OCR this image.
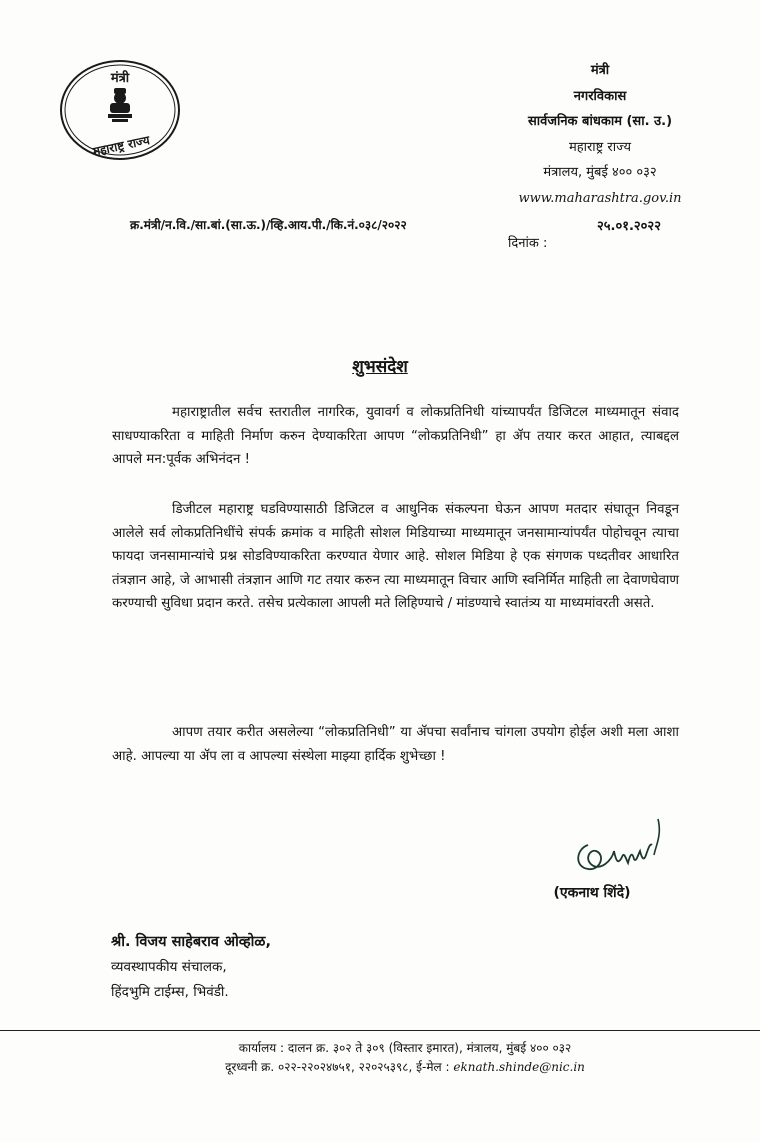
मंत्री
महाराष्ट्र राज्य
मंत्री
नगरविकास
सार्वजनिक बांधकाम (सा. उ.)
महाराष्ट्र राज्य
मंत्रालय, मुंबई ४०० ०३२
www.maharashtra.gov.in
क्र.मंत्री/न.वि./सा.बां.(सा.ऊ.)/व्हि.आय.पी./कि.नं.०३८/२०२२
दिनांक :
२५.०१.२०२२
शुभसंदेश
महाराष्ट्रातील सर्वच स्तरातील नागरिक, युवावर्ग व लोकप्रतिनिधी यांच्यापर्यंत डिजिटल माध्यमातून संवाद साधण्याकरिता व माहिती निर्माण करुन देण्याकरिता आपण “लोकप्रतिनिधी” हा ॲप तयार करत आहात, त्याबद्दल आपले मन:पूर्वक अभिनंदन !
डिजीटल महाराष्ट्र घडविण्यासाठी डिजिटल व आधुनिक संकल्पना घेऊन आपण मतदार संघातून निवडून आलेले सर्व लोकप्रतिनिधींचे संपर्क क्रमांक व माहिती सोशल मिडियाच्या माध्यमातून जनसामान्यांपर्यंत पोहोचवून त्याचा फायदा जनसामान्यांचे प्रश्न सोडविण्याकरिता करण्यात येणार आहे. सोशल मिडिया हे एक संगणक पध्दतीवर आधारित तंत्रज्ञान आहे, जे आभासी तंत्रज्ञान आणि गट तयार करुन त्या माध्यमातून विचार आणि स्वनिर्मित माहिती ला देवाणघेवाण करण्याची सुविधा प्रदान करते. तसेच प्रत्येकाला आपली मते लिहिण्याचे / मांडण्याचे स्वातंत्र्य या माध्यमांवरती असते.
आपण तयार करीत असलेल्या “लोकप्रतिनिधी” या ॲपचा सर्वांनाच चांगला उपयोग होईल अशी मला आशा आहे. आपल्या या ॲप ला व आपल्या संस्थेला माझ्या हार्दिक शुभेच्छा !
(एकनाथ शिंदे)
श्री. विजय साहेबराव ओव्होळ,
व्यवस्थापकीय संचालक,
हिंदभुमि टाईम्स, भिवंडी.
कार्यालय : दालन क्र. ३०२ ते ३०९ (विस्तार इमारत), मंत्रालय, मुंबई ४०० ०३२
दूरध्वनी क्र. ०२२-२२०२४७५१, २२०२५३९८, ई-मेल : eknath.shinde@nic.in
